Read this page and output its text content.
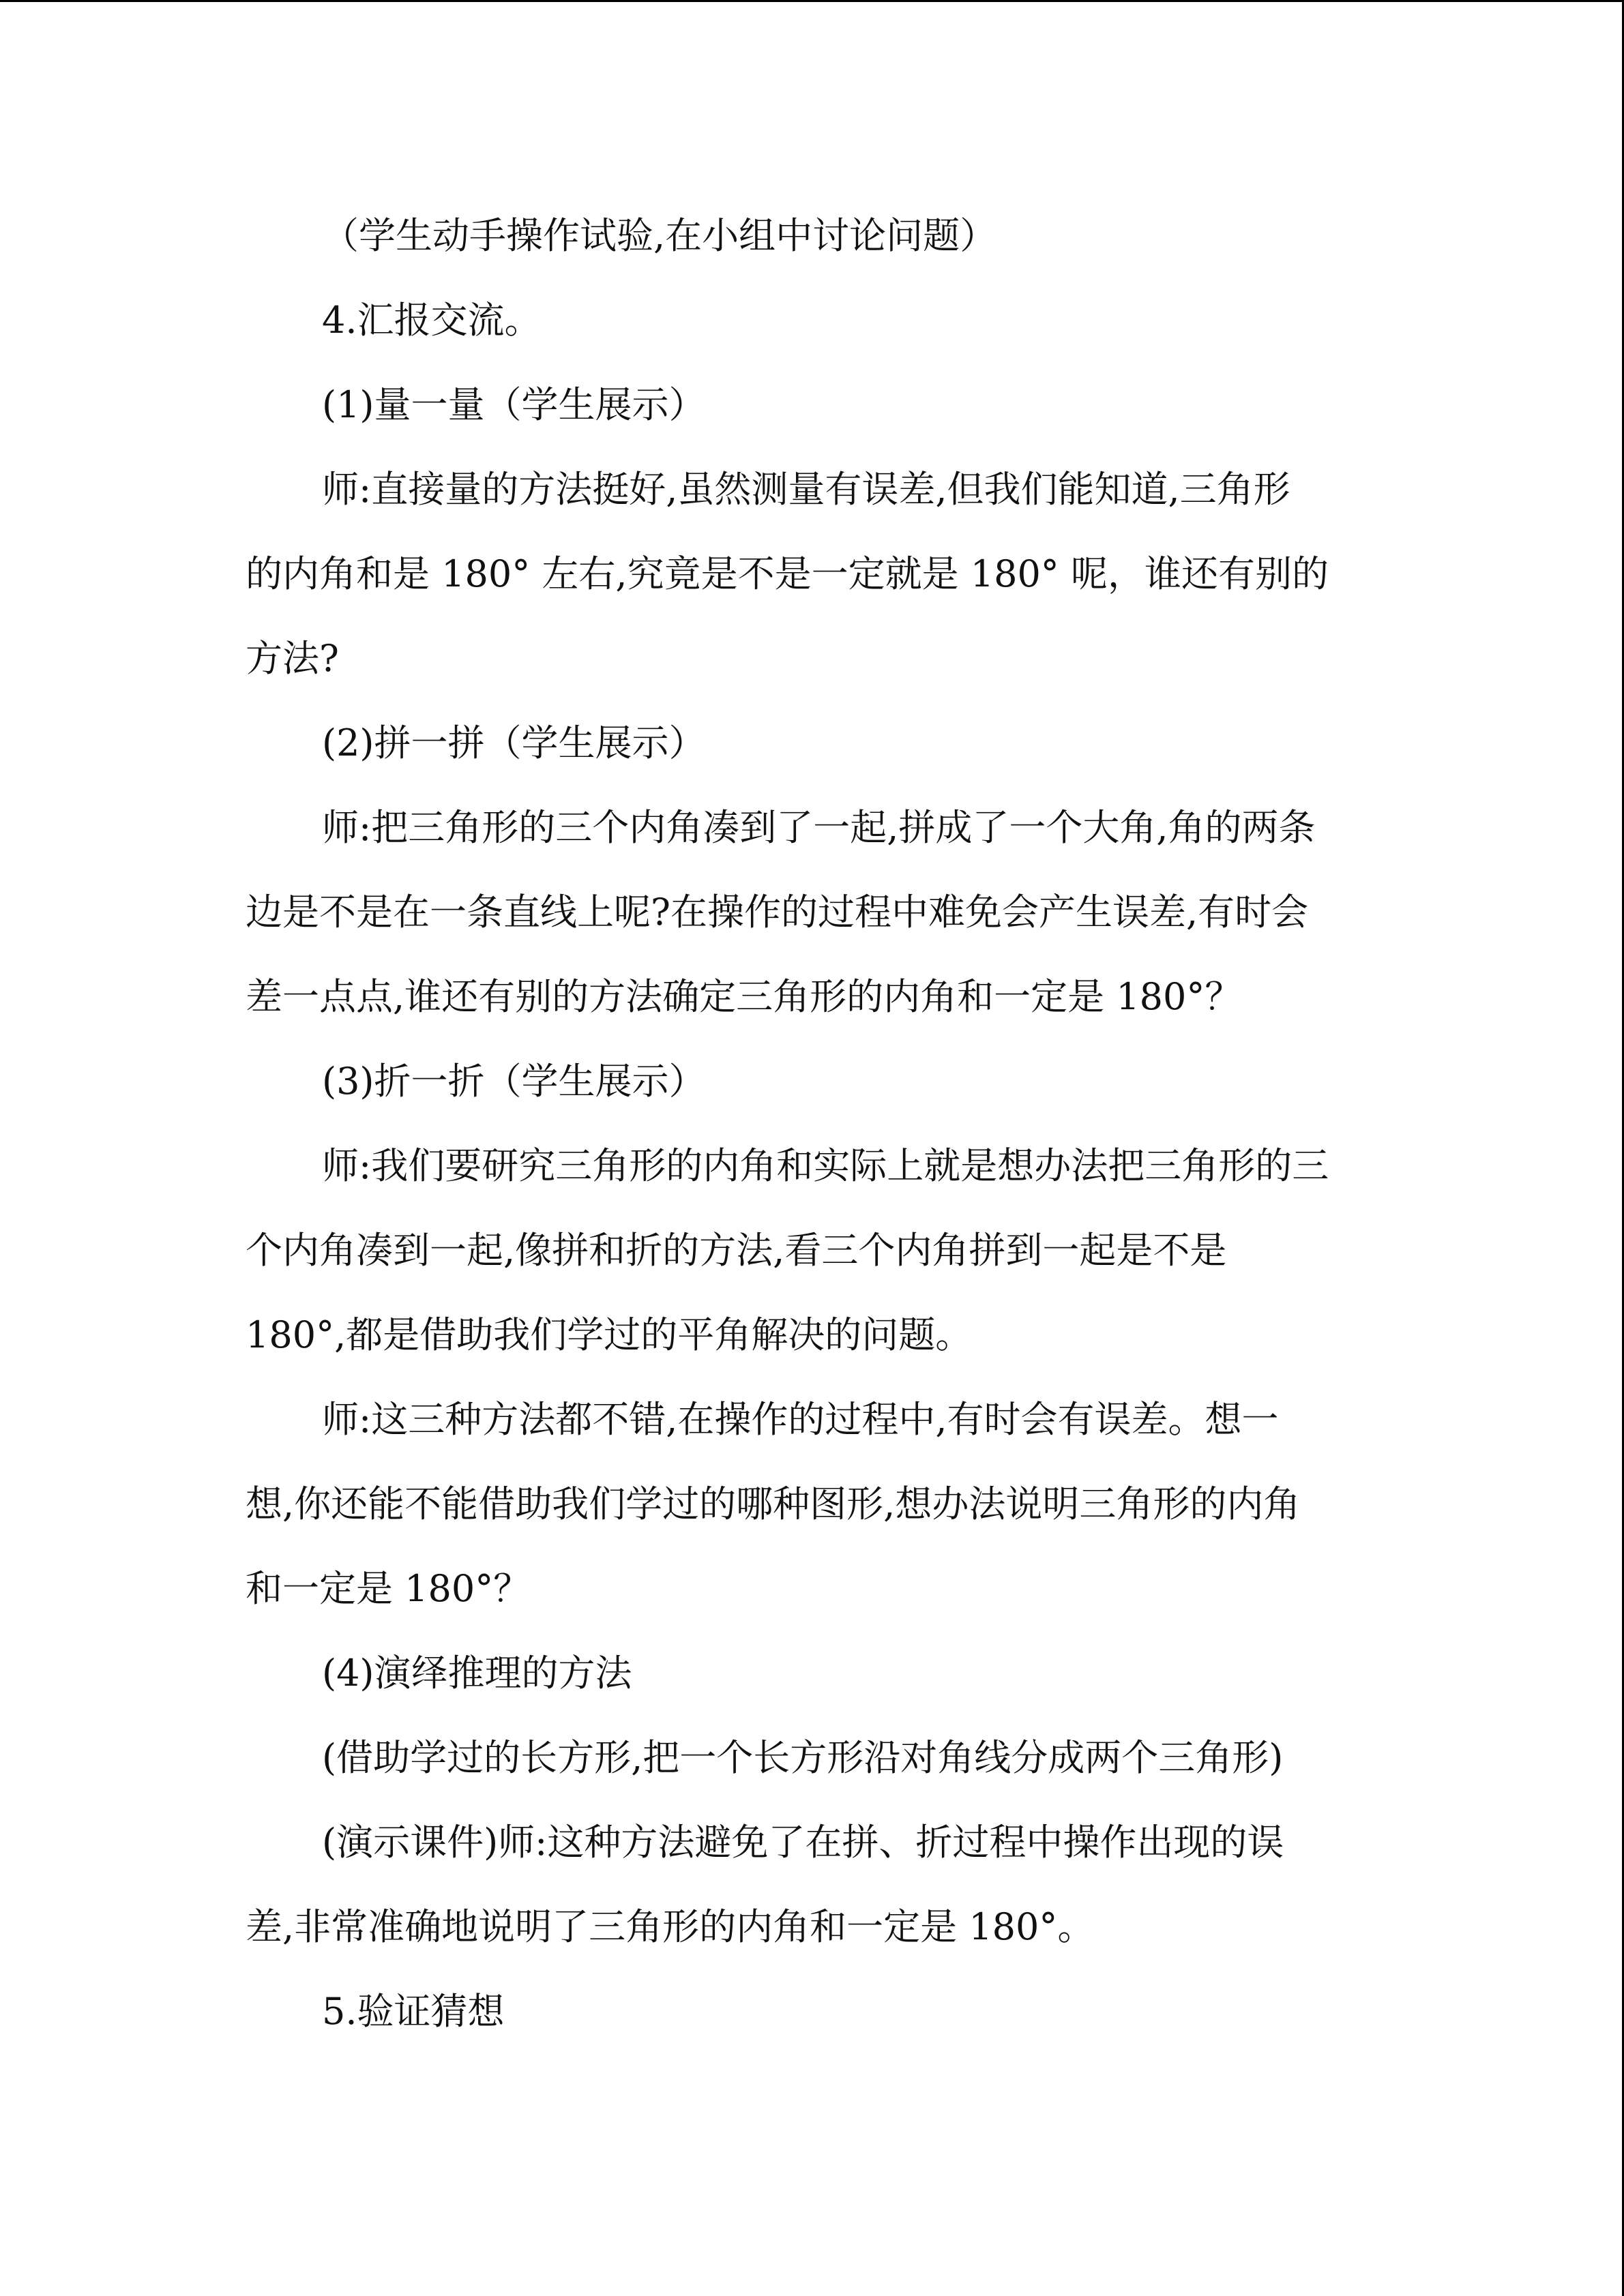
（学生动手操作试验,在小组中讨论问题）
4.汇报交流。
(1)量一量（学生展示）
师:直接量的方法挺好,虽然测量有误差,但我们能知道,三角形
的内角和是 180° 左右,究竟是不是一定就是 180° 呢，谁还有别的
方法?
(2)拼一拼（学生展示）
师:把三角形的三个内角凑到了一起,拼成了一个大角,角的两条
边是不是在一条直线上呢?在操作的过程中难免会产生误差,有时会
差一点点,谁还有别的方法确定三角形的内角和一定是 180°？
(3)折一折（学生展示）
师:我们要研究三角形的内角和实际上就是想办法把三角形的三
个内角凑到一起,像拼和折的方法,看三个内角拼到一起是不是
180°,都是借助我们学过的平角解决的问题。
师:这三种方法都不错,在操作的过程中,有时会有误差。想一
想,你还能不能借助我们学过的哪种图形,想办法说明三角形的内角
和一定是 180°？
(4)演绎推理的方法
(借助学过的长方形,把一个长方形沿对角线分成两个三角形)
(演示课件)师:这种方法避免了在拼、折过程中操作出现的误
差,非常准确地说明了三角形的内角和一定是 180°。
5.验证猜想
